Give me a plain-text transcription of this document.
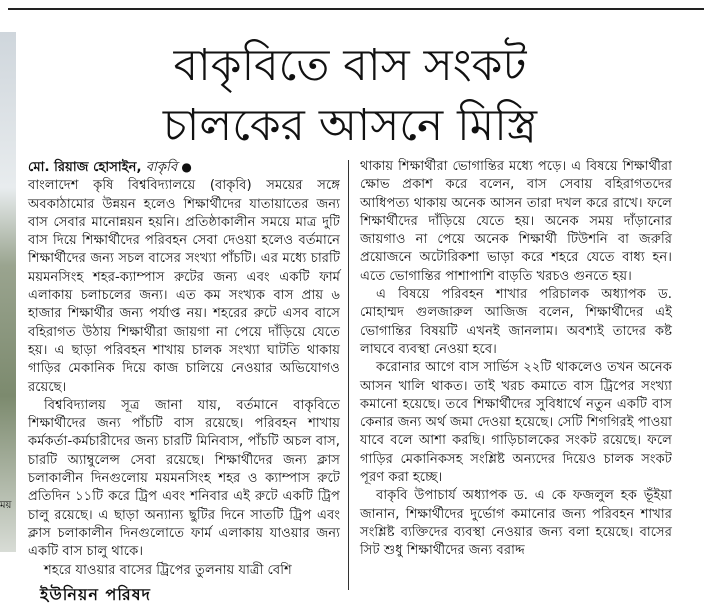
ময়
বাকৃবিতে বাস সংকট
চালকের আসনে মিস্ত্রি

মো. রিয়াজ হোসাইন, বাকৃবি ●

বাংলাদেশ কৃষি বিশ্ববিদ্যালয়ে (বাকৃবি) সময়ের সঙ্গে অবকাঠামোর উন্নয়ন হলেও শিক্ষার্থীদের যাতায়াতের জন্য বাস সেবার মানোন্নয়ন হয়নি। প্রতিষ্ঠাকালীন সময়ে মাত্র দুটি বাস দিয়ে শিক্ষার্থীদের পরিবহন সেবা দেওয়া হলেও বর্তমানে শিক্ষার্থীদের জন্য সচল বাসের সংখ্যা পাঁচটি। এর মধ্যে চারটি ময়মনসিংহ শহর-ক্যাম্পাস রুটের জন্য এবং একটি ফার্ম এলাকায় চলাচলের জন্য। এত কম সংখ্যক বাস প্রায় ৬ হাজার শিক্ষার্থীর জন্য পর্যাপ্ত নয়। শহরের রুটে এসব বাসে বহিরাগত উঠায় শিক্ষার্থীরা জায়গা না পেয়ে দাঁড়িয়ে যেতে হয়। এ ছাড়া পরিবহন শাখায় চালক সংখ্যা ঘাটতি থাকায় গাড়ির মেকানিক দিয়ে কাজ চালিয়ে নেওয়ার অভিযোগও রয়েছে।

বিশ্ববিদ্যালয় সূত্র জানা যায়, বর্তমানে বাকৃবিতে শিক্ষার্থীদের জন্য পাঁচটি বাস রয়েছে। পরিবহন শাখায় কর্মকর্তা-কর্মচারীদের জন্য চারটি মিনিবাস, পাঁচটি অচল বাস, চারটি অ্যাম্বুলেন্স সেবা রয়েছে। শিক্ষার্থীদের জন্য ক্লাস চলাকালীন দিনগুলোয় ময়মনসিংহ শহর ও ক্যাম্পাস রুটে প্রতিদিন ১১টি করে ট্রিপ এবং শনিবার এই রুটে একটি ট্রিপ চালু রয়েছে। এ ছাড়া অন্যান্য ছুটির দিনে সাতটি ট্রিপ এবং ক্লাস চলাকালীন দিনগুলোতে ফার্ম এলাকায় যাওয়ার জন্য একটি বাস চালু থাকে।

শহরে যাওয়ার বাসের ট্রিপের তুলনায় যাত্রী বেশি

থাকায় শিক্ষার্থীরা ভোগান্তির মধ্যে পড়ে। এ বিষয়ে শিক্ষার্থীরা ক্ষোভ প্রকাশ করে বলেন, বাস সেবায় বহিরাগতদের আধিপত্য থাকায় অনেক আসন তারা দখল করে রাখে। ফলে শিক্ষার্থীদের দাঁড়িয়ে যেতে হয়। অনেক সময় দাঁড়ানোর জায়গাও না পেয়ে অনেক শিক্ষার্থী টিউশনি বা জরুরি প্রয়োজনে অটোরিকশা ভাড়া করে শহরে যেতে বাধ্য হন। এতে ভোগান্তির পাশাপাশি বাড়তি খরচও গুনতে হয়।

এ বিষয়ে পরিবহন শাখার পরিচালক অধ্যাপক ড. মোহাম্মদ গুলজারুল আজিজ বলেন, শিক্ষার্থীদের এই ভোগান্তির বিষয়টি এখনই জানলাম। অবশ্যই তাদের কষ্ট লাঘবে ব্যবস্থা নেওয়া হবে।

করোনার আগে বাস সার্ভিস ২২টি থাকলেও তখন অনেক আসন খালি থাকত। তাই খরচ কমাতে বাস ট্রিপের সংখ্যা কমানো হয়েছে। তবে শিক্ষার্থীদের সুবিধার্থে নতুন একটি বাস কেনার জন্য অর্থ জমা দেওয়া হয়েছে। সেটি শিগগিরই পাওয়া যাবে বলে আশা করছি। গাড়িচালকের সংকট রয়েছে। ফলে গাড়ির মেকানিকসহ সংশ্লিষ্ট অন্যদের দিয়েও চালক সংকট পূরণ করা হচ্ছে।

বাকৃবি উপাচার্য অধ্যাপক ড. এ কে ফজলুল হক ভূঁইয়া জানান, শিক্ষার্থীদের দুর্ভোগ কমানোর জন্য পরিবহন শাখার সংশ্লিষ্ট ব্যক্তিদের ব্যবস্থা নেওয়ার জন্য বলা হয়েছে। বাসের সিট শুধু শিক্ষার্থীদের জন্য বরাদ্দ

ইউনিয়ন পরিষদ
